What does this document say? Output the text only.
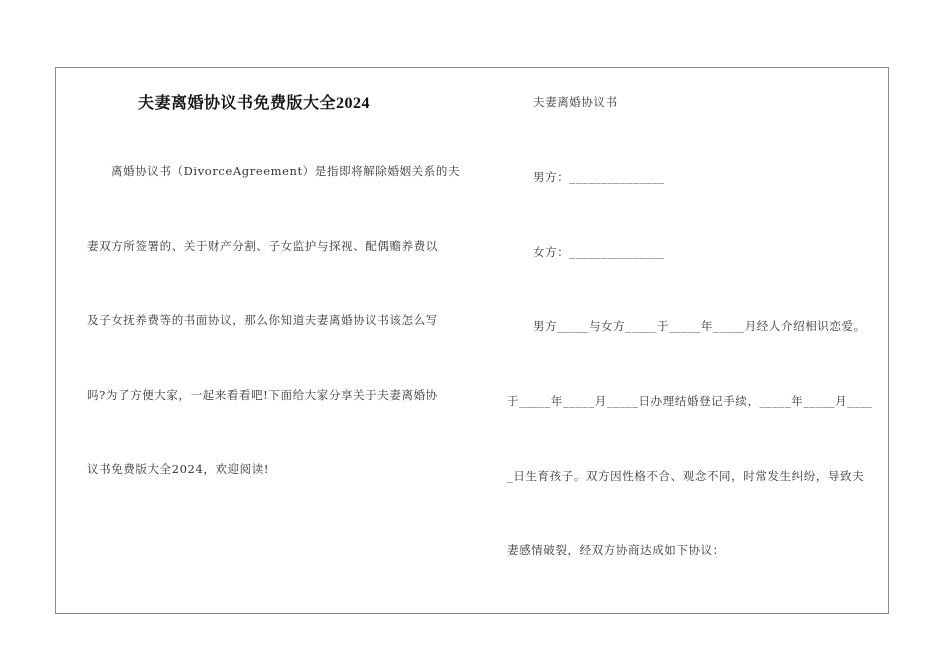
夫妻离婚协议书免费版大全2024
离婚协议书（DivorceAgreement）是指即将解除婚姻关系的夫
妻双方所签署的、关于财产分割、子女监护与探视、配偶赡养费以
及子女抚养费等的书面协议，那么你知道夫妻离婚协议书该怎么写
吗?为了方便大家，一起来看看吧!下面给大家分享关于夫妻离婚协
议书免费版大全2024，欢迎阅读!
夫妻离婚协议书
男方：_______________
女方：_______________
男方_____与女方_____于_____年_____月经人介绍相识恋爱。
于_____年_____月_____日办理结婚登记手续，_____年_____月____
_日生育孩子。双方因性格不合、观念不同，时常发生纠纷，导致夫
妻感情破裂，经双方协商达成如下协议：
